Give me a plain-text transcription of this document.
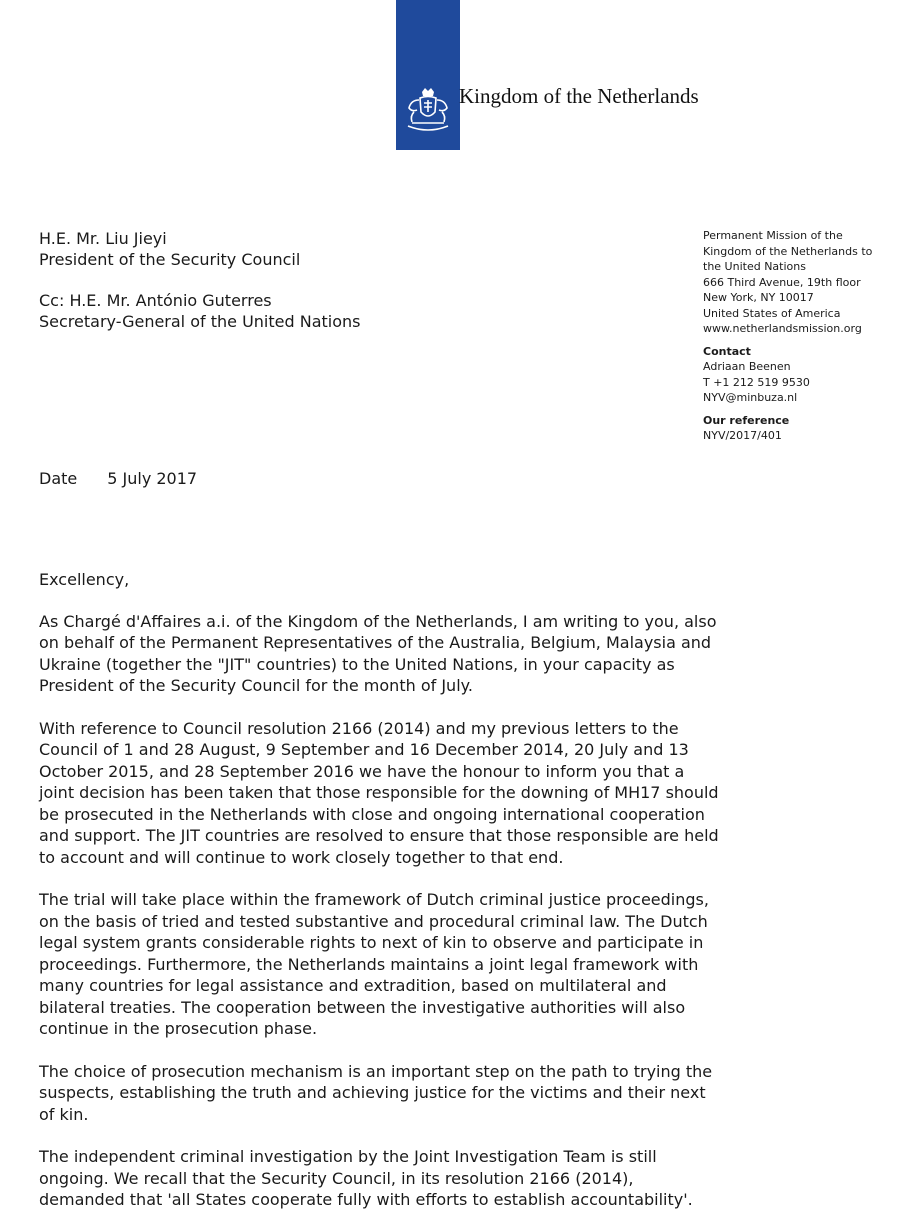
Kingdom of the Netherlands
H.E. Mr. Liu Jieyi
President of the Security Council
Cc: H.E. Mr. António Guterres
Secretary-General of the United Nations
Permanent Mission of the
Kingdom of the Netherlands to
the United Nations
666 Third Avenue, 19th floor
New York, NY 10017
United States of America
www.netherlandsmission.org
Contact
Adriaan Beenen
T +1 212 519 9530
NYV@minbuza.nl
Our reference
NYV/2017/401
Date 5 July 2017

Excellency,

As Chargé d'Affaires a.i. of the Kingdom of the Netherlands, I am writing to you, also on behalf of the Permanent Representatives of the Australia, Belgium, Malaysia and Ukraine (together the "JIT" countries) to the United Nations, in your capacity as President of the Security Council for the month of July.

With reference to Council resolution 2166 (2014) and my previous letters to the Council of 1 and 28 August, 9 September and 16 December 2014, 20 July and 13 October 2015, and 28 September 2016 we have the honour to inform you that a joint decision has been taken that those responsible for the downing of MH17 should be prosecuted in the Netherlands with close and ongoing international cooperation and support. The JIT countries are resolved to ensure that those responsible are held to account and will continue to work closely together to that end.

The trial will take place within the framework of Dutch criminal justice proceedings, on the basis of tried and tested substantive and procedural criminal law. The Dutch legal system grants considerable rights to next of kin to observe and participate in proceedings. Furthermore, the Netherlands maintains a joint legal framework with many countries for legal assistance and extradition, based on multilateral and bilateral treaties. The cooperation between the investigative authorities will also continue in the prosecution phase.

The choice of prosecution mechanism is an important step on the path to trying the suspects, establishing the truth and achieving justice for the victims and their next of kin.

The independent criminal investigation by the Joint Investigation Team is still ongoing. We recall that the Security Council, in its resolution 2166 (2014), demanded that 'all States cooperate fully with efforts to establish accountability'.
